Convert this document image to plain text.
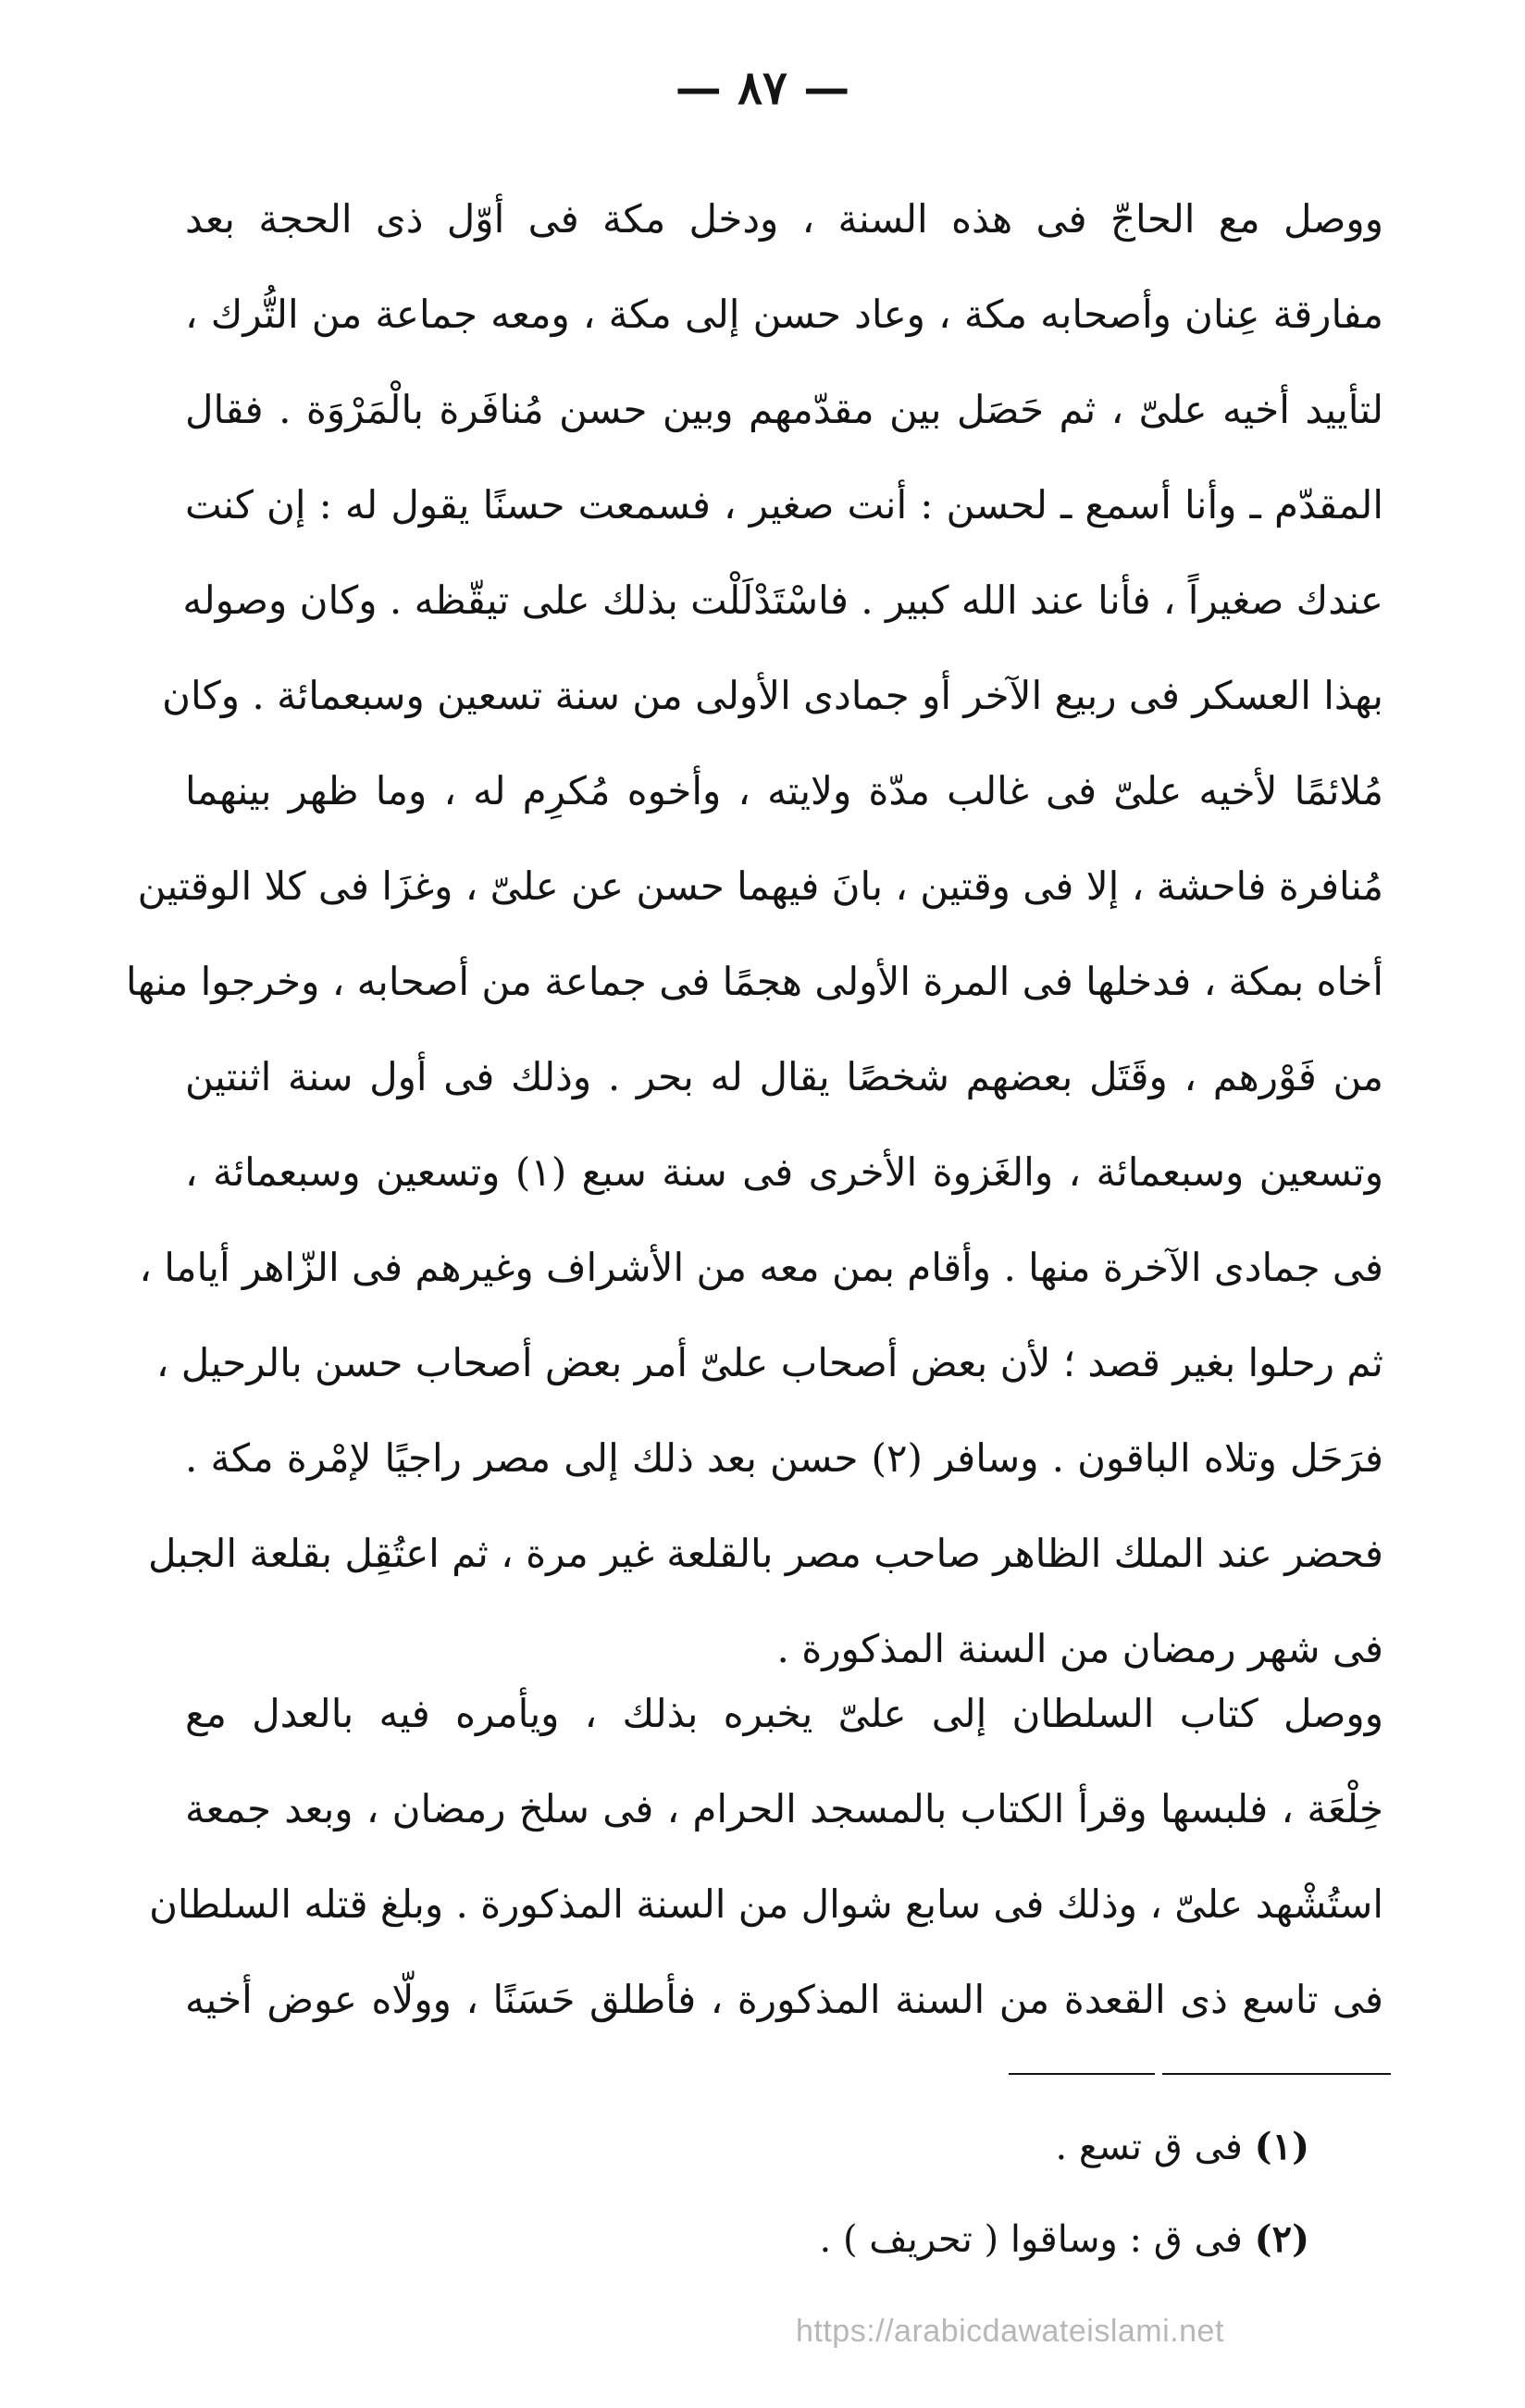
— ٨٧ —
ووصل مع الحاجّ فى هذه السنة ، ودخل مكة فى أوّل ذى الحجة بعد
مفارقة عِنان وأصحابه مكة ، وعاد حسن إلى مكة ، ومعه جماعة من التُّرك ،
لتأييد أخيه علىّ ، ثم حَصَل بين مقدّمهم وبين حسن مُنافَرة بالْمَرْوَة . فقال
المقدّم ـ وأنا أسمع ـ لحسن : أنت صغير ، فسمعت حسنًا يقول له : إن كنت
عندك صغيراً ، فأنا عند الله كبير . فاسْتَدْلَلْت بذلك على تيقّظه . وكان وصوله
بهذا العسكر فى ربيع الآخر أو جمادى الأولى من سنة تسعين وسبعمائة . وكان
مُلائمًا لأخيه علىّ فى غالب مدّة ولايته ، وأخوه مُكرِم له ، وما ظهر بينهما
مُنافرة فاحشة ، إلا فى وقتين ، بانَ فيهما حسن عن علىّ ، وغزَا فى كلا الوقتين
أخاه بمكة ، فدخلها فى المرة الأولى هجمًا فى جماعة من أصحابه ، وخرجوا منها
من فَوْرهم ، وقَتَل بعضهم شخصًا يقال له بحر . وذلك فى أول سنة اثنتين
وتسعين وسبعمائة ، والغَزوة الأخرى فى سنة سبع (١) وتسعين وسبعمائة ،
فى جمادى الآخرة منها . وأقام بمن معه من الأشراف وغيرهم فى الزّاهر أياما ،
ثم رحلوا بغير قصد ؛ لأن بعض أصحاب علىّ أمر بعض أصحاب حسن بالرحيل ،
فرَحَل وتلاه الباقون . وسافر (٢) حسن بعد ذلك إلى مصر راجيًا لإمْرة مكة .
فحضر عند الملك الظاهر صاحب مصر بالقلعة غير مرة ، ثم اعتُقِل بقلعة الجبل
فى شهر رمضان من السنة المذكورة .
ووصل كتاب السلطان إلى علىّ يخبره بذلك ، ويأمره فيه بالعدل مع
خِلْعَة ، فلبسها وقرأ الكتاب بالمسجد الحرام ، فى سلخ رمضان ، وبعد جمعة
استُشْهد علىّ ، وذلك فى سابع شوال من السنة المذكورة . وبلغ قتله السلطان
فى تاسع ذى القعدة من السنة المذكورة ، فأطلق حَسَنًا ، وولّاه عوض أخيه
(١) فى ق تسع .
(٢) فى ق : وساقوا ( تحريف ) .
https://arabicdawateislami.net
